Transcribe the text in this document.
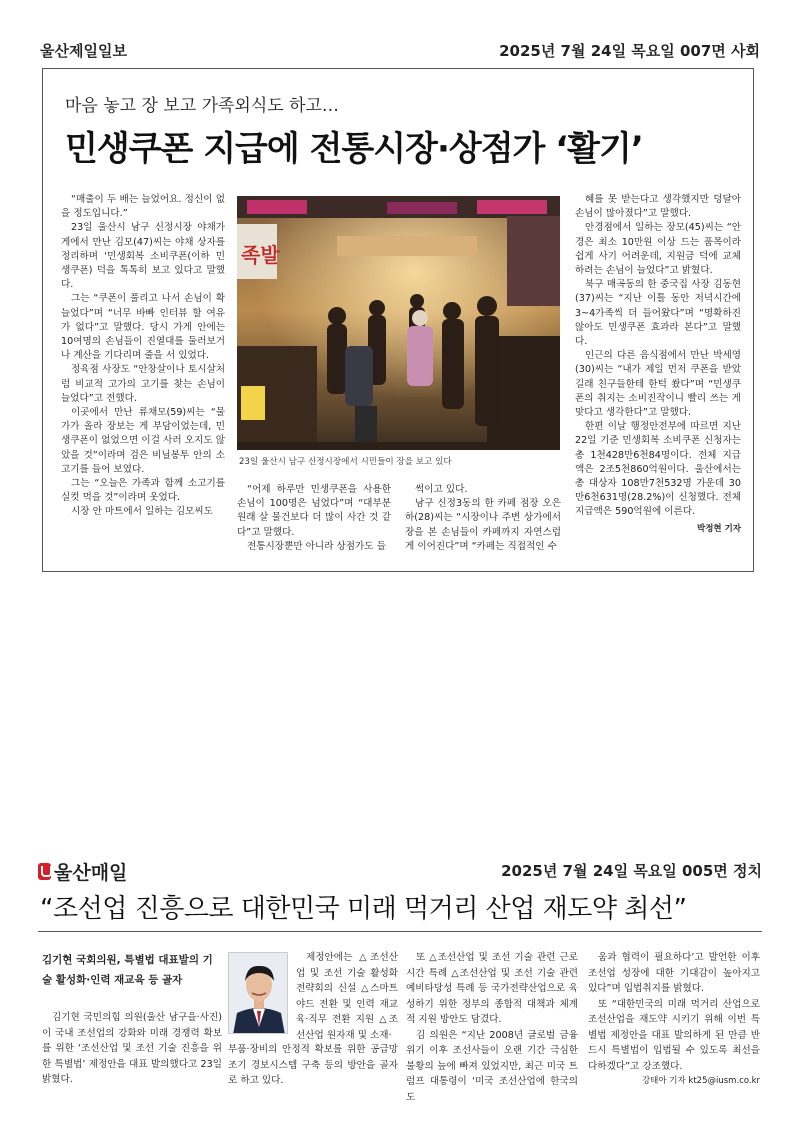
울산제일일보	2025년 7월 24일 목요일 007면 사회
마음 놓고 장 보고 가족외식도 하고…
민생쿠폰 지급에 전통시장·상점가 ‘활기’

“매출이 두 배는 늘었어요. 정신이 없을 정도입니다.”

23일 울산시 남구 신정시장 야채가게에서 만난 김모(47)씨는 야채 상자를 정리하며 ‘민생회복 소비쿠폰(이하 민생쿠폰) 덕을 톡톡히 보고 있다고 말했다.

그는 “쿠폰이 풀리고 나서 손님이 확 늘었다”며 “너무 바빠 인터뷰 할 여유가 없다”고 말했다. 당시 가게 안에는 10여명의 손님들이 진열대를 둘러보거나 계산을 기다리며 줄을 서 있었다.

정육점 사장도 “안창살이나 토시살처럼 비교적 고가의 고기를 찾는 손님이 늘었다”고 전했다.

이곳에서 만난 류채모(59)씨는 “물가가 올라 장보는 게 부담이었는데, 민생쿠폰이 없었으면 이걸 사러 오지도 않았을 것”이라며 검은 비닐봉투 안의 소고기를 들어 보였다.

그는 “오늘은 가족과 함께 소고기를 실컷 먹을 것”이라며 웃었다.

시장 안 마트에서 일하는 김모씨도

족발
23일 울산시 남구 신정시장에서 시민들이 장을 보고 있다

“어제 하루만 민생쿠폰을 사용한 손님이 100명은 넘었다”며 “대부분 원래 살 물건보다 더 많이 사간 것 같다”고 말했다.

전통시장뿐만 아니라 상점가도 들

썩이고 있다.

남구 신정3동의 한 카페 점장 오은하(28)씨는 “시장이나 주변 상가에서 장을 본 손님들이 카페까지 자연스럽게 이어진다”며 “카페는 직접적인 수

혜를 못 받는다고 생각했지만 덩달아 손님이 많아졌다”고 말했다.

안경점에서 일하는 장모(45)씨는 “안경은 최소 10만원 이상 드는 품목이라 쉽게 사기 어려운데, 지원금 덕에 교체하려는 손님이 늘었다”고 밝혔다.

북구 매곡동의 한 중국집 사장 김동현(37)씨는 “지난 이틀 동안 저녁시간에 3~4가족씩 더 들어왔다”며 “명확하진 않아도 민생쿠폰 효과라 본다”고 말했다.

인근의 다른 음식점에서 만난 박세영(30)씨는 “내가 제일 먼저 쿠폰을 받았길래 친구들한테 한턱 쐈다”며 “민생쿠폰의 취지는 소비진작이니 빨리 쓰는 게 맞다고 생각한다”고 말했다.

한편 이날 행정안전부에 따르면 지난 22일 기준 민생회복 소비쿠폰 신청자는 총 1천428만6천84명이다. 전체 지급액은 2조5천860억원이다. 울산에서는 총 대상자 108만7천532명 가운데 30만6천631명(28.2%)이 신청했다. 전체 지급액은 590억원에 이른다.

박정현 기자

울산매일	2025년 7월 24일 목요일 005면 정치
“조선업 진흥으로 대한민국 미래 먹거리 산업 재도약 최선”
김기현 국회의원, 특별법 대표발의 기술 활성화·인력 재교육 등 골자

김기현 국민의힘 의원(울산 남구을·사진)이 국내 조선업의 강화와 미래 경쟁력 확보를 위한 ‘조선산업 및 조선 기술 진흥을 위한 특별법’ 제정안을 대표 발의했다고 23일 밝혔다.

제정안에는 △조선산업 및 조선 기술 활성화 전략회의 신설 △스마트 야드 전환 및 인력 재교육·직무 전환 지원 △조선산업 원자재 및 소재·

부품·장비의 안정적 확보를 위한 공급망 조기 경보시스템 구축 등의 방안을 골자로 하고 있다.

또 △조선산업 및 조선 기술 관련 근로시간 특례 △조선산업 및 조선 기술 관련 예비타당성 특례 등 국가전략산업으로 육성하기 위한 정부의 종합적 대책과 체계적 지원 방안도 담겼다.

김 의원은 “지난 2008년 글로벌 금융위기 이후 조선사들이 오랜 기간 극심한 불황의 늪에 빠져 있었지만, 최근 미국 트럼프 대통령이 ‘미국 조선산업에 한국의 도

움과 협력이 필요하다’고 발언한 이후 조선업 성장에 대한 기대감이 높아지고 있다”며 입법취지를 밝혔다.

또 “대한민국의 미래 먹거리 산업으로 조선산업을 재도약 시키기 위해 이번 특별법 제정안을 대표 발의하게 된 만큼 반드시 특별법이 입법될 수 있도록 최선을 다하겠다”고 강조했다.

강태아 기자 kt25@iusm.co.kr
